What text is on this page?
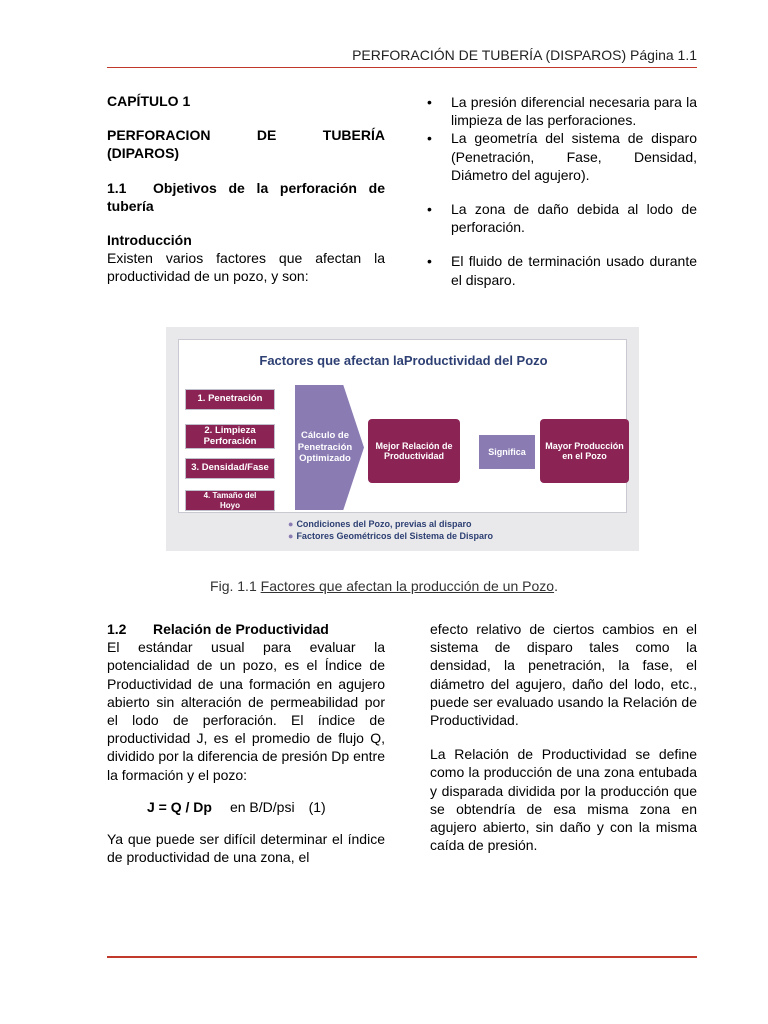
PERFORACIÓN DE TUBERÍA (DISPAROS) Página 1.1

CAPÍTULO 1

PERFORACION DE TUBERÍA
(DIPAROS)

1.1 Objetivos de la perforación de tubería

Introducción

Existen varios factores que afectan la productividad de un pozo, y son:

• La presión diferencial necesaria para la limpieza de las perforaciones.
• La geometría del sistema de disparo (Penetración, Fase, Densidad, Diámetro del agujero).
• La zona de daño debida al lodo de perforación.
• El fluido de terminación usado durante el disparo.
Factores que afectan laProductividad del Pozo
1. Penetración
2. Limpieza Perforación
3. Densidad/Fase
4. Tamaño del Hoyo
Cálculo de Penetración Optimizado
Mejor Relación de Productividad	Significa
Mayor Producción en el Pozo
● Condiciones del Pozo, previas al disparo
● Factores Geométricos del Sistema de Disparo
Fig. 1.1 Factores que afectan la producción de un Pozo.

1.2 Relación de Productividad

El estándar usual para evaluar la potencialidad de un pozo, es el Índice de Productividad de una formación en agujero abierto sin alteración de permeabilidad por el lodo de perforación. El índice de productividad J, es el promedio de flujo Q, dividido por la diferencia de presión Dp entre la formación y el pozo:

J = Q / Dp en B/D/psi (1)

Ya que puede ser difícil determinar el índice de productividad de una zona, el

efecto relativo de ciertos cambios en el sistema de disparo tales como la densidad, la penetración, la fase, el diámetro del agujero, daño del lodo, etc., puede ser evaluado usando la Relación de Productividad.

La Relación de Productividad se define como la producción de una zona entubada y disparada dividida por la producción que se obtendría de esa misma zona en agujero abierto, sin daño y con la misma caída de presión.
